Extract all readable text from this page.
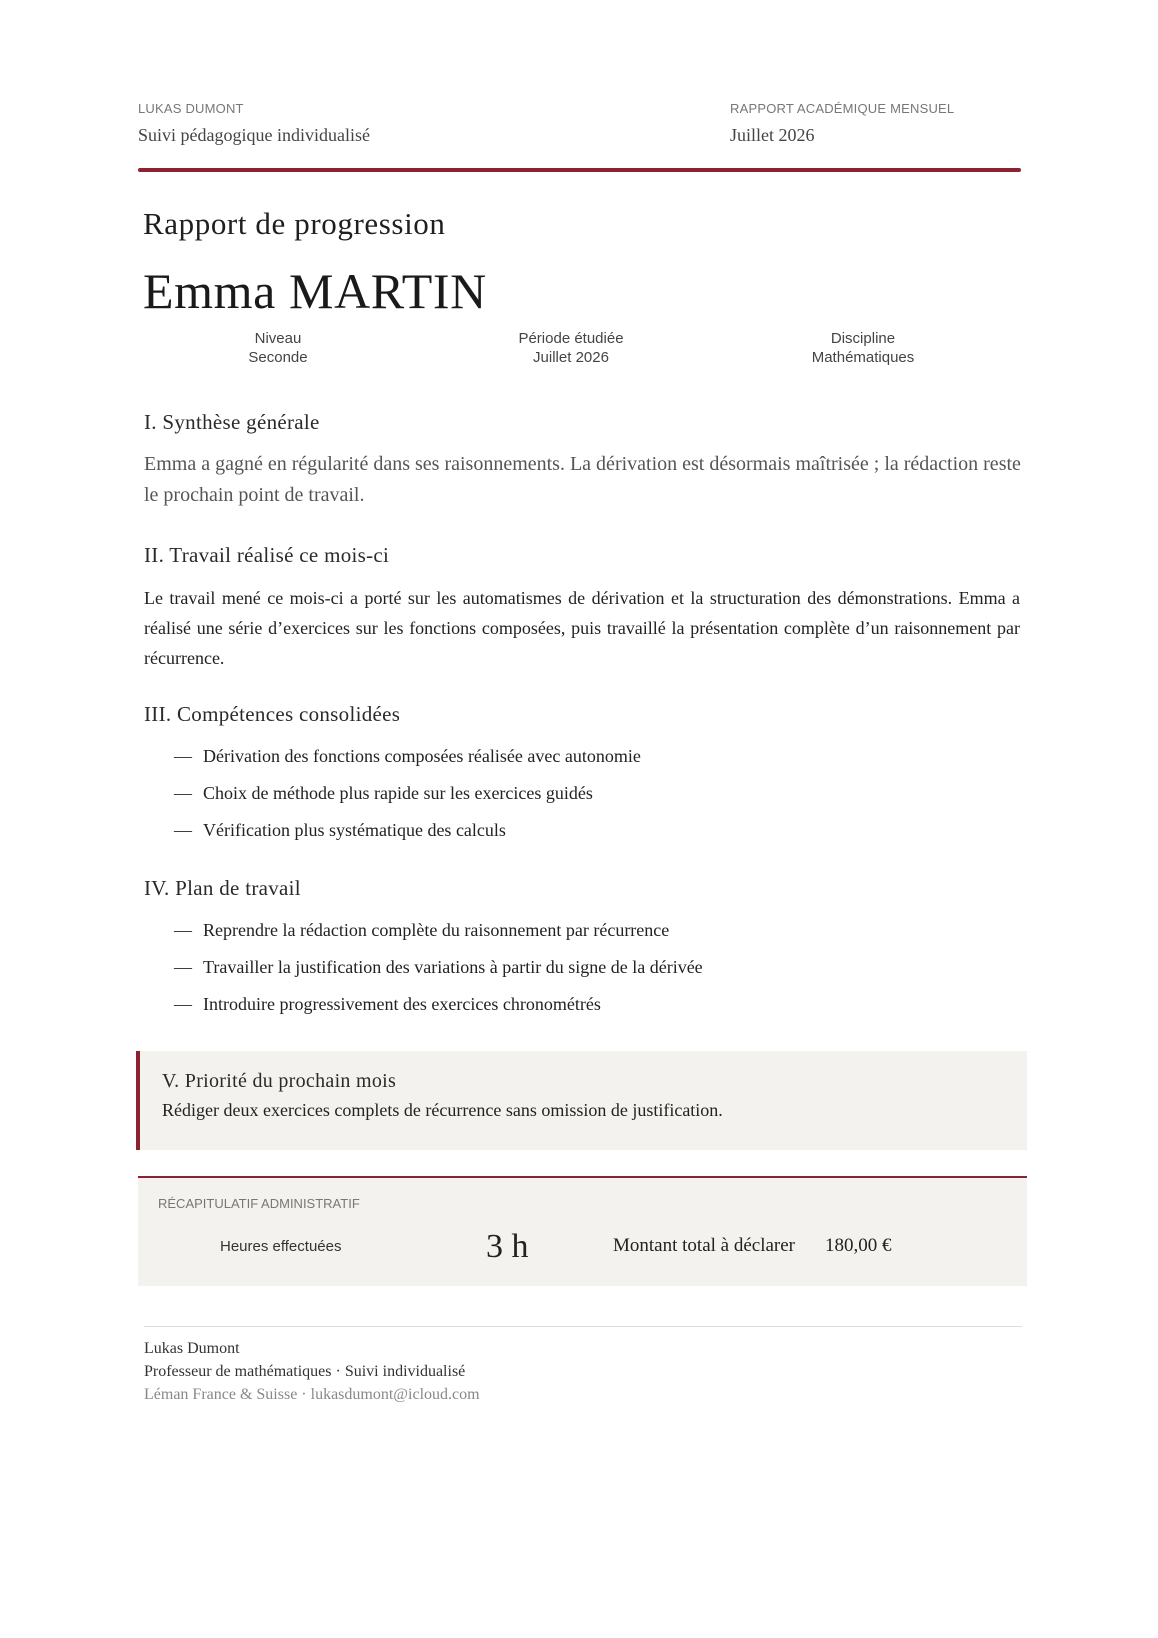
LUKAS DUMONT
Suivi pédagogique individualisé
RAPPORT ACADÉMIQUE MENSUEL
Juillet 2026
Rapport de progression
Emma MARTIN
Niveau
Seconde
Période étudiée
Juillet 2026
Discipline
Mathématiques
I. Synthèse générale
Emma a gagné en régularité dans ses raisonnements. La dérivation est désormais maîtrisée ; la rédaction reste le prochain point de travail.
II. Travail réalisé ce mois-ci
Le travail mené ce mois-ci a porté sur les automatismes de dérivation et la structuration des démonstrations. Emma a réalisé une série d’exercices sur les fonctions composées, puis travaillé la présentation complète d’un raisonnement par récurrence.
III. Compétences consolidées
— Dérivation des fonctions composées réalisée avec autonomie
— Choix de méthode plus rapide sur les exercices guidés
— Vérification plus systématique des calculs
IV. Plan de travail
— Reprendre la rédaction complète du raisonnement par récurrence
— Travailler la justification des variations à partir du signe de la dérivée
— Introduire progressivement des exercices chronométrés
V. Priorité du prochain mois
Rédiger deux exercices complets de récurrence sans omission de justification.
RÉCAPITULATIF ADMINISTRATIF
Heures effectuées	3 h	Montant total à déclarer 180,00 €
Lukas Dumont
Professeur de mathématiques · Suivi individualisé
Léman France & Suisse · lukasdumont@icloud.com
